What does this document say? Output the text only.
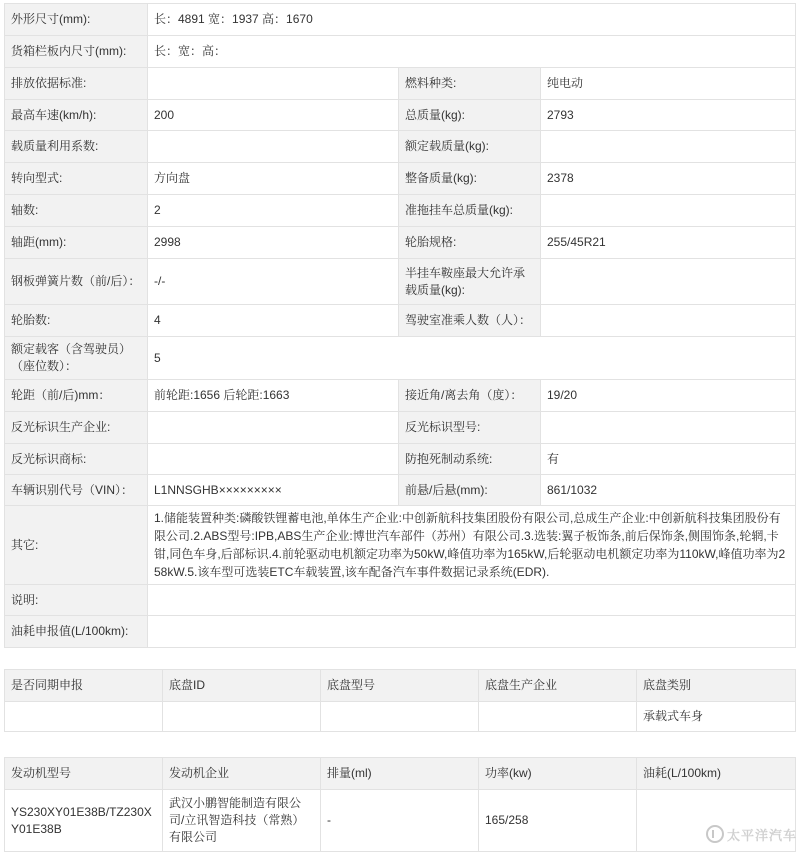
外形尺寸(mm):	长：4891 宽：1937 高：1670		
货箱栏板内尺寸(mm):	长：宽：高：		
排放依据标准:		燃料种类:	纯电动
最高车速(km/h):	200	总质量(kg):	2793
载质量利用系数:		额定载质量(kg):	
转向型式:	方向盘	整备质量(kg):	2378
轴数:	2	准拖挂车总质量(kg):	
轴距(mm):	2998	轮胎规格:	255/45R21
钢板弹簧片数（前/后）：	-/-	半挂车鞍座最大允许承载质量(kg):	
轮胎数:	4	驾驶室准乘人数（人）：	
额定载客（含驾驶员）（座位数）：	5		
轮距（前/后)mm：	前轮距:1656 后轮距:1663	接近角/离去角（度）：	19/20
反光标识生产企业:		反光标识型号:	
反光标识商标:		防抱死制动系统:	有
车辆识别代号（VIN）：	L1NNSGHB×××××××××	前悬/后悬(mm):	861/1032
其它:	1.储能装置种类:磷酸铁锂蓄电池,单体生产企业:中创新航科技集团股份有限公司,总成生产企业:中创新航科技集团股份有限公司.2.ABS型号:IPB,ABS生产企业:博世汽车部件（苏州）有限公司.3.选装:翼子板饰条,前后保饰条,侧围饰条,轮辋,卡钳,同色车身,后部标识.4.前轮驱动电机额定功率为50kW,峰值功率为165kW,后轮驱动电机额定功率为110kW,峰值功率为258kW.5.该车型可选装ETC车载装置,该车配备汽车事件数据记录系统(EDR).		
说明:			
油耗申报值(L/100km):			
是否同期申报	底盘ID	底盘型号	底盘生产企业	底盘类别
				承载式车身
发动机型号	发动机企业	排量(ml)	功率(kw)	油耗(L/100km)
YS230XY01E38B/TZ230XY01E38B	武汉小鹏智能制造有限公司/立讯智造科技（常熟）有限公司	-	165/258	
太平洋汽车
